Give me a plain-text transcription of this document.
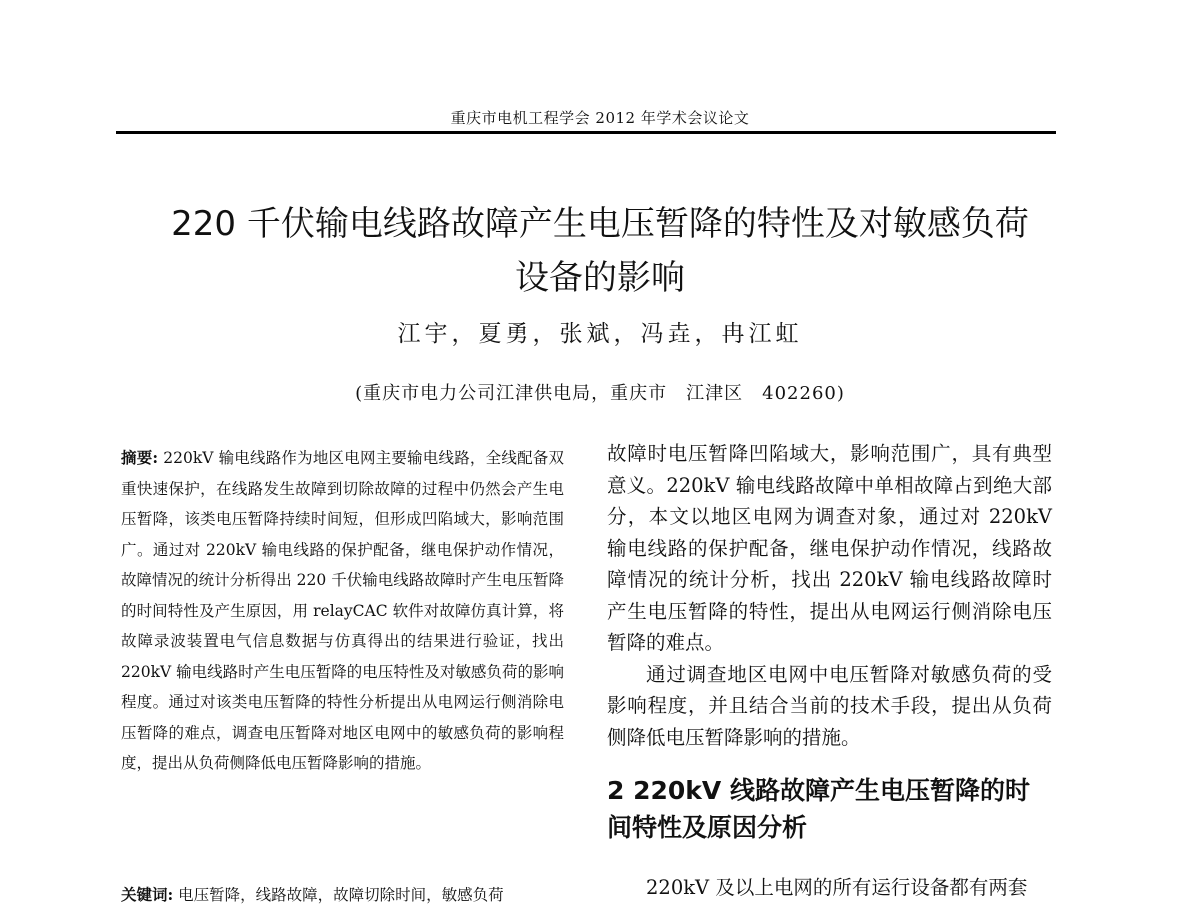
重庆市电机工程学会 2012 年学术会议论文
220 千伏输电线路故障产生电压暂降的特性及对敏感负荷
设备的影响
江宇，夏勇，张斌，冯垚，冉江虹
(重庆市电力公司江津供电局，重庆市　江津区　402260)
摘要: 220kV 输电线路作为地区电网主要输电线路，全线配备双重快速保护，在线路发生故障到切除故障的过程中仍然会产生电压暂降，该类电压暂降持续时间短，但形成凹陷域大，影响范围广。通过对 220kV 输电线路的保护配备，继电保护动作情况，故障情况的统计分析得出 220 千伏输电线路故障时产生电压暂降的时间特性及产生原因，用 relayCAC 软件对故障仿真计算，将故障录波装置电气信息数据与仿真得出的结果进行验证，找出 220kV 输电线路时产生电压暂降的电压特性及对敏感负荷的影响程度。通过对该类电压暂降的特性分析提出从电网运行侧消除电压暂降的难点，调查电压暂降对地区电网中的敏感负荷的影响程度，提出从负荷侧降低电压暂降影响的措施。
关键词: 电压暂降，线路故障，故障切除时间，敏感负荷

故障时电压暂降凹陷域大，影响范围广，具有典型意义。220kV 输电线路故障中单相故障占到绝大部分，本文以地区电网为调查对象，通过对 220kV 输电线路的保护配备，继电保护动作情况，线路故障情况的统计分析，找出 220kV 输电线路故障时产生电压暂降的特性，提出从电网运行侧消除电压暂降的难点。

通过调查地区电网中电压暂降对敏感负荷的受影响程度，并且结合当前的技术手段，提出从负荷侧降低电压暂降影响的措施。

2 220kV 线路故障产生电压暂降的时间特性及原因分析

220kV 及以上电网的所有运行设备都有两套
